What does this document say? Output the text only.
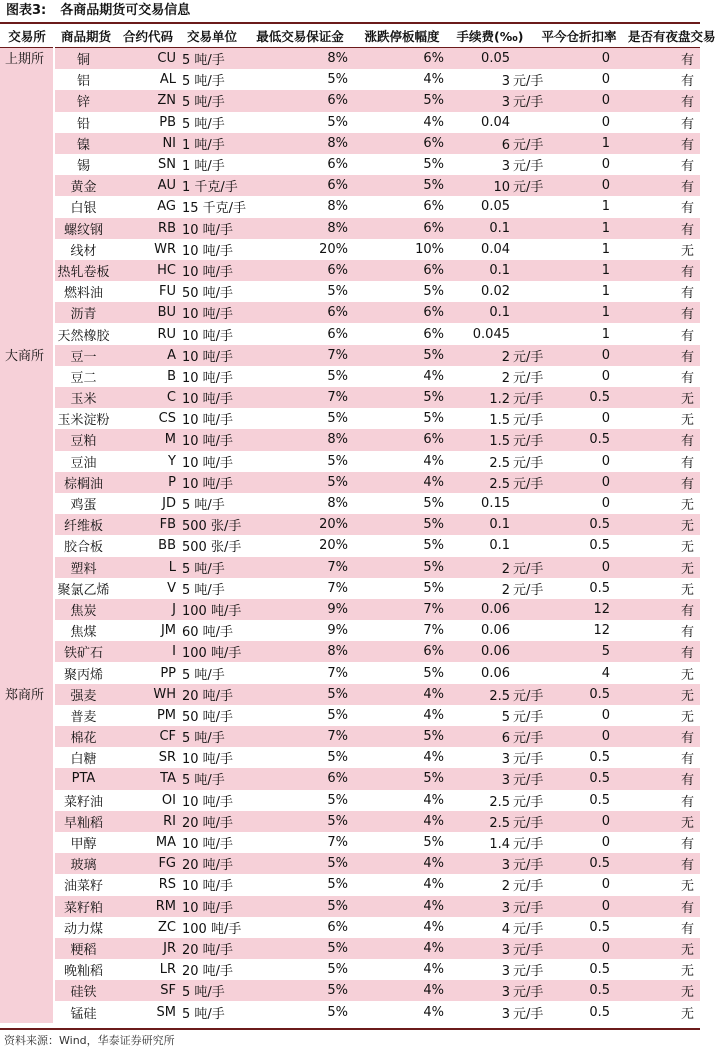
图表3: 各商品期货可交易信息
交易所	商品期货	合约代码	交易单位	最低交易保证金	涨跌停板幅度	手续费(‰)	平今仓折扣率	是否有夜盘交易
上期所	铜	CU	5 吨/手	8%	6%	0.05	0	有
	铝	AL	5 吨/手	5%	4%	3 元/手	0	有
	锌	ZN	5 吨/手	6%	5%	3 元/手	0	有
	铅	PB	5 吨/手	5%	4%	0.04	0	有
	镍	NI	1 吨/手	8%	6%	6 元/手	1	有
	锡	SN	1 吨/手	6%	5%	3 元/手	0	有
	黄金	AU	1 千克/手	6%	5%	10 元/手	0	有
	白银	AG	15 千克/手	8%	6%	0.05	1	有
	螺纹钢	RB	10 吨/手	8%	6%	0.1	1	有
	线材	WR	10 吨/手	20%	10%	0.04	1	无
	热轧卷板	HC	10 吨/手	6%	6%	0.1	1	有
	燃料油	FU	50 吨/手	5%	5%	0.02	1	有
	沥青	BU	10 吨/手	6%	6%	0.1	1	有
	天然橡胶	RU	10 吨/手	6%	6%	0.045	1	有
大商所	豆一	A	10 吨/手	7%	5%	2 元/手	0	有
	豆二	B	10 吨/手	5%	4%	2 元/手	0	有
	玉米	C	10 吨/手	7%	5%	1.2 元/手	0.5	无
	玉米淀粉	CS	10 吨/手	5%	5%	1.5 元/手	0	无
	豆粕	M	10 吨/手	8%	6%	1.5 元/手	0.5	有
	豆油	Y	10 吨/手	5%	4%	2.5 元/手	0	有
	棕榈油	P	10 吨/手	5%	4%	2.5 元/手	0	有
	鸡蛋	JD	5 吨/手	8%	5%	0.15	0	无
	纤维板	FB	500 张/手	20%	5%	0.1	0.5	无
	胶合板	BB	500 张/手	20%	5%	0.1	0.5	无
	塑料	L	5 吨/手	7%	5%	2 元/手	0	无
	聚氯乙烯	V	5 吨/手	7%	5%	2 元/手	0.5	无
	焦炭	J	100 吨/手	9%	7%	0.06	12	有
	焦煤	JM	60 吨/手	9%	7%	0.06	12	有
	铁矿石	I	100 吨/手	8%	6%	0.06	5	有
	聚丙烯	PP	5 吨/手	7%	5%	0.06	4	无
郑商所	强麦	WH	20 吨/手	5%	4%	2.5 元/手	0.5	无
	普麦	PM	50 吨/手	5%	4%	5 元/手	0	无
	棉花	CF	5 吨/手	7%	5%	6 元/手	0	有
	白糖	SR	10 吨/手	5%	4%	3 元/手	0.5	有
	PTA	TA	5 吨/手	6%	5%	3 元/手	0.5	有
	菜籽油	OI	10 吨/手	5%	4%	2.5 元/手	0.5	有
	早籼稻	RI	20 吨/手	5%	4%	2.5 元/手	0	无
	甲醇	MA	10 吨/手	7%	5%	1.4 元/手	0	有
	玻璃	FG	20 吨/手	5%	4%	3 元/手	0.5	有
	油菜籽	RS	10 吨/手	5%	4%	2 元/手	0	无
	菜籽粕	RM	10 吨/手	5%	4%	3 元/手	0	有
	动力煤	ZC	100 吨/手	6%	4%	4 元/手	0.5	有
	粳稻	JR	20 吨/手	5%	4%	3 元/手	0	无
	晚籼稻	LR	20 吨/手	5%	4%	3 元/手	0.5	无
	硅铁	SF	5 吨/手	5%	4%	3 元/手	0.5	无
	锰硅	SM	5 吨/手	5%	4%	3 元/手	0.5	无
资料来源：Wind，华泰证券研究所
